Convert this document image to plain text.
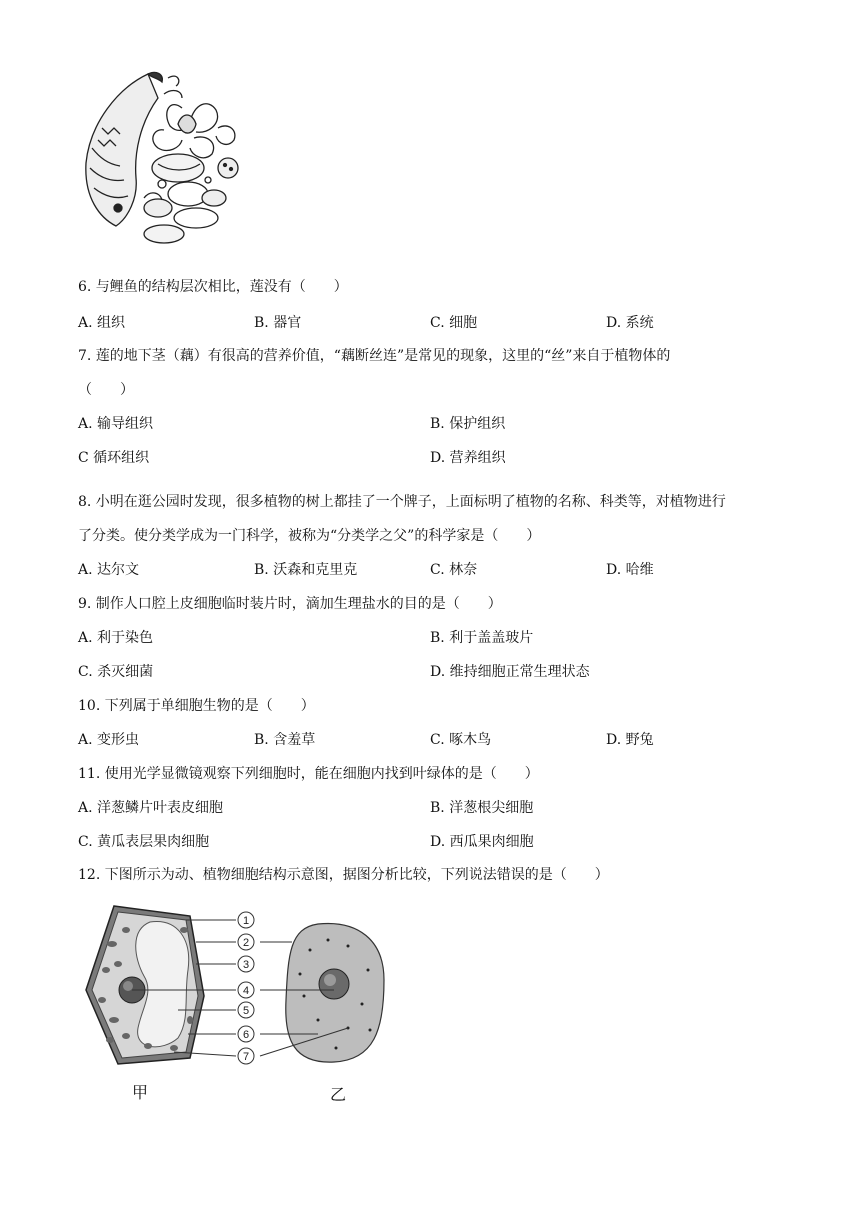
6. 与鲤鱼的结构层次相比，莲没有（　　）
A. 组织	B. 器官	C. 细胞	D. 系统
7. 莲的地下茎（藕）有很高的营养价值，“藕断丝连”是常见的现象，这里的“丝”来自于植物体的
（　　）
A. 输导组织	B. 保护组织
C 循环组织	D. 营养组织
8. 小明在逛公园时发现，很多植物的树上都挂了一个牌子，上面标明了植物的名称、科类等，对植物进行
了分类。使分类学成为一门科学，被称为“分类学之父”的科学家是（　　）
A. 达尔文	B. 沃森和克里克	C. 林奈	D. 哈维
9. 制作人口腔上皮细胞临时装片时，滴加生理盐水的目的是（　　）
A. 利于染色	B. 利于盖盖玻片
C. 杀灭细菌	D. 维持细胞正常生理状态
10. 下列属于单细胞生物的是（　　）
A. 变形虫	B. 含羞草	C. 啄木鸟	D. 野兔
11. 使用光学显微镜观察下列细胞时，能在细胞内找到叶绿体的是（　　）
A. 洋葱鳞片叶表皮细胞	B. 洋葱根尖细胞
C. 黄瓜表层果肉细胞	D. 西瓜果肉细胞
12. 下图所示为动、植物细胞结构示意图，据图分析比较，下列说法错误的是（　　）
1
2
3
4
5
6
7
甲	乙
